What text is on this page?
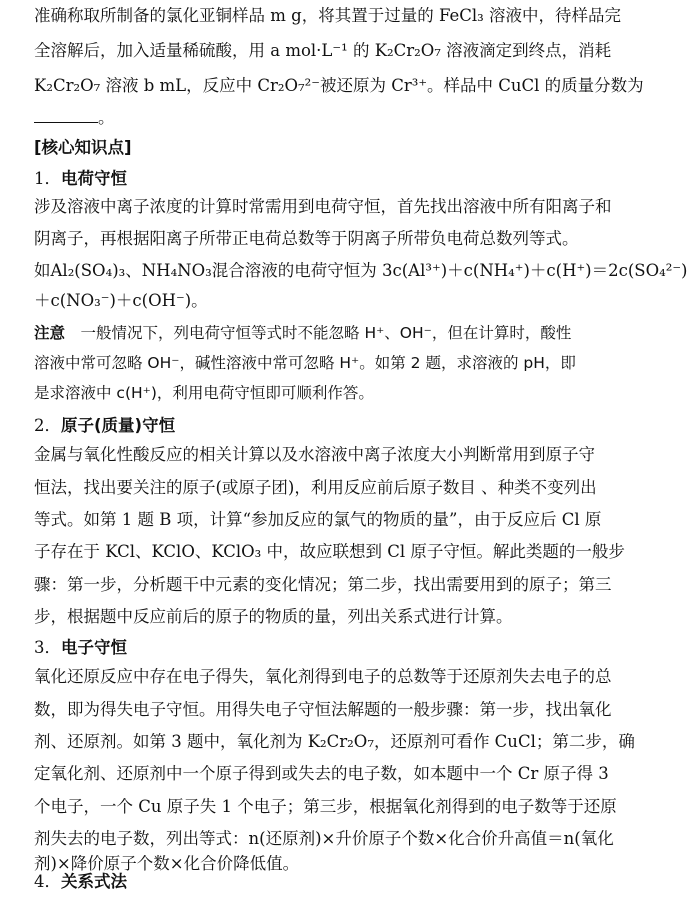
准确称取所制备的氯化亚铜样品 m g，将其置于过量的 FeCl₃ 溶液中，待样品完
全溶解后，加入适量稀硫酸，用 a mol·L⁻¹ 的 K₂Cr₂O₇ 溶液滴定到终点，消耗
K₂Cr₂O₇ 溶液 b mL，反应中 Cr₂O₇²⁻被还原为 Cr³⁺。样品中 CuCl 的质量分数为
。
[核心知识点]
1．电荷守恒
涉及溶液中离子浓度的计算时常需用到电荷守恒，首先找出溶液中所有阳离子和
阴离子，再根据阳离子所带正电荷总数等于阴离子所带负电荷总数列等式。
如Al₂(SO₄)₃、NH₄NO₃混合溶液的电荷守恒为 3c(Al³⁺)＋c(NH₄⁺)＋c(H⁺)＝2c(SO₄²⁻)
＋c(NO₃⁻)＋c(OH⁻)。
注意　一般情况下，列电荷守恒等式时不能忽略 H⁺、OH⁻，但在计算时，酸性
溶液中常可忽略 OH⁻，碱性溶液中常可忽略 H⁺。如第 2 题，求溶液的 pH，即
是求溶液中 c(H⁺)，利用电荷守恒即可顺利作答。
2．原子(质量)守恒
金属与氧化性酸反应的相关计算以及水溶液中离子浓度大小判断常用到原子守
恒法，找出要关注的原子(或原子团)，利用反应前后原子数目 、种类不变列出
等式。如第 1 题 B 项，计算“参加反应的氯气的物质的量”，由于反应后 Cl 原
子存在于 KCl、KClO、KClO₃ 中，故应联想到 Cl 原子守恒。解此类题的一般步
骤：第一步，分析题干中元素的变化情况；第二步，找出需要用到的原子；第三
步，根据题中反应前后的原子的物质的量，列出关系式进行计算。
3．电子守恒
氧化还原反应中存在电子得失，氧化剂得到电子的总数等于还原剂失去电子的总
数，即为得失电子守恒。用得失电子守恒法解题的一般步骤：第一步，找出氧化
剂、还原剂。如第 3 题中，氧化剂为 K₂Cr₂O₇，还原剂可看作 CuCl；第二步，确
定氧化剂、还原剂中一个原子得到或失去的电子数，如本题中一个 Cr 原子得 3
个电子，一个 Cu 原子失 1 个电子；第三步，根据氧化剂得到的电子数等于还原
剂失去的电子数，列出等式：n(还原剂)×升价原子个数×化合价升高值＝n(氧化
剂)×降价原子个数×化合价降低值。
4．关系式法
